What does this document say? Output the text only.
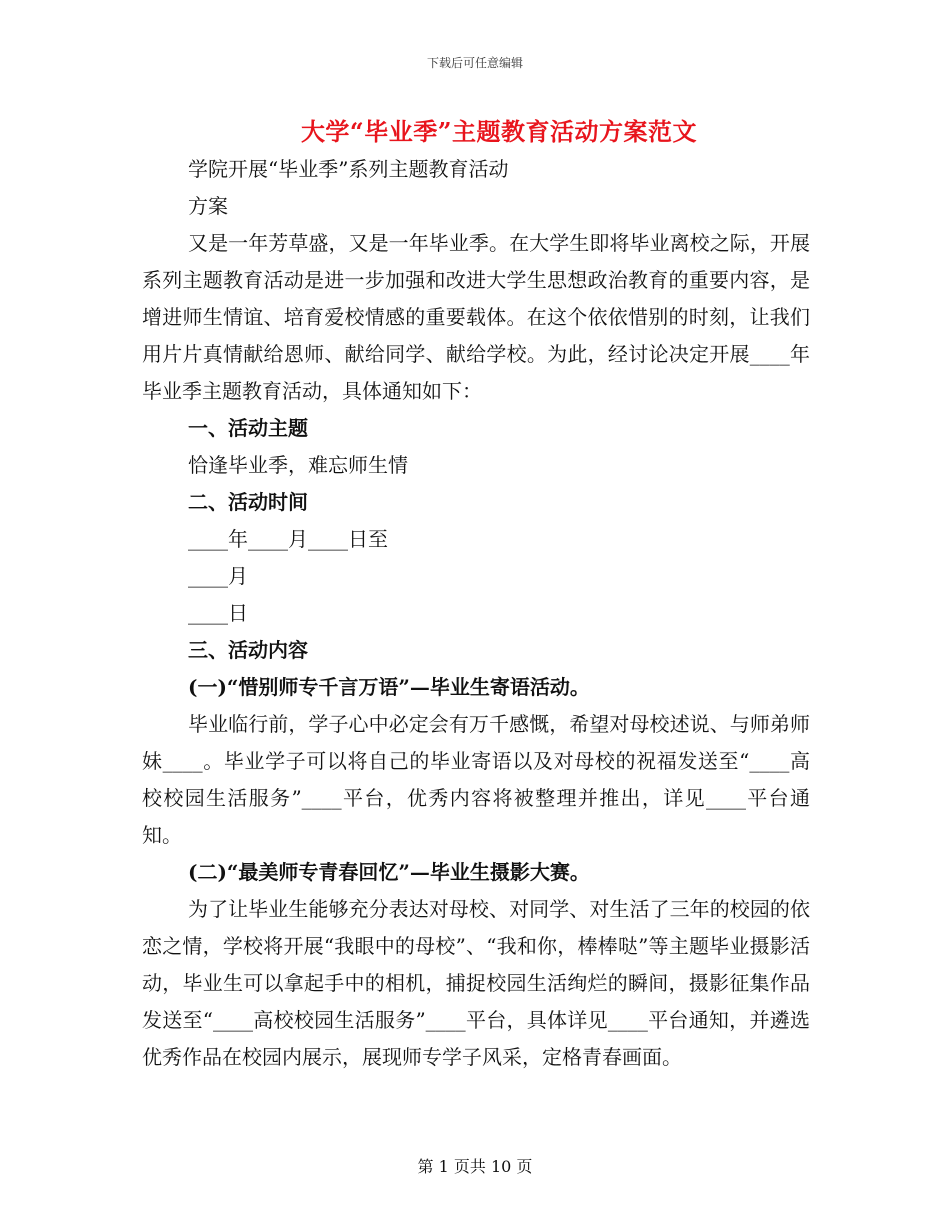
下载后可任意编辑
大学“毕业季”主题教育活动方案范文

学院开展“毕业季”系列主题教育活动

方案

又是一年芳草盛，又是一年毕业季。在大学生即将毕业离校之际，开展系列主题教育活动是进一步加强和改进大学生思想政治教育的重要内容，是增进师生情谊、培育爱校情感的重要载体。在这个依依惜别的时刻，让我们用片片真情献给恩师、献给同学、献给学校。为此，经讨论决定开展____年毕业季主题教育活动，具体通知如下：

一、活动主题

恰逢毕业季，难忘师生情

二、活动时间

____年____月____日至

____月

____日

三、活动内容

(一)“惜别师专千言万语”—毕业生寄语活动。

毕业临行前，学子心中必定会有万千感慨，希望对母校述说、与师弟师妹____。毕业学子可以将自己的毕业寄语以及对母校的祝福发送至“____高校校园生活服务”____平台，优秀内容将被整理并推出，详见____平台通知。

(二)“最美师专青春回忆”—毕业生摄影大赛。

为了让毕业生能够充分表达对母校、对同学、对生活了三年的校园的依恋之情，学校将开展“我眼中的母校”、“我和你，棒棒哒”等主题毕业摄影活动，毕业生可以拿起手中的相机，捕捉校园生活绚烂的瞬间，摄影征集作品发送至“____高校校园生活服务”____平台，具体详见____平台通知，并遴选优秀作品在校园内展示，展现师专学子风采，定格青春画面。

第 1 页共 10 页
